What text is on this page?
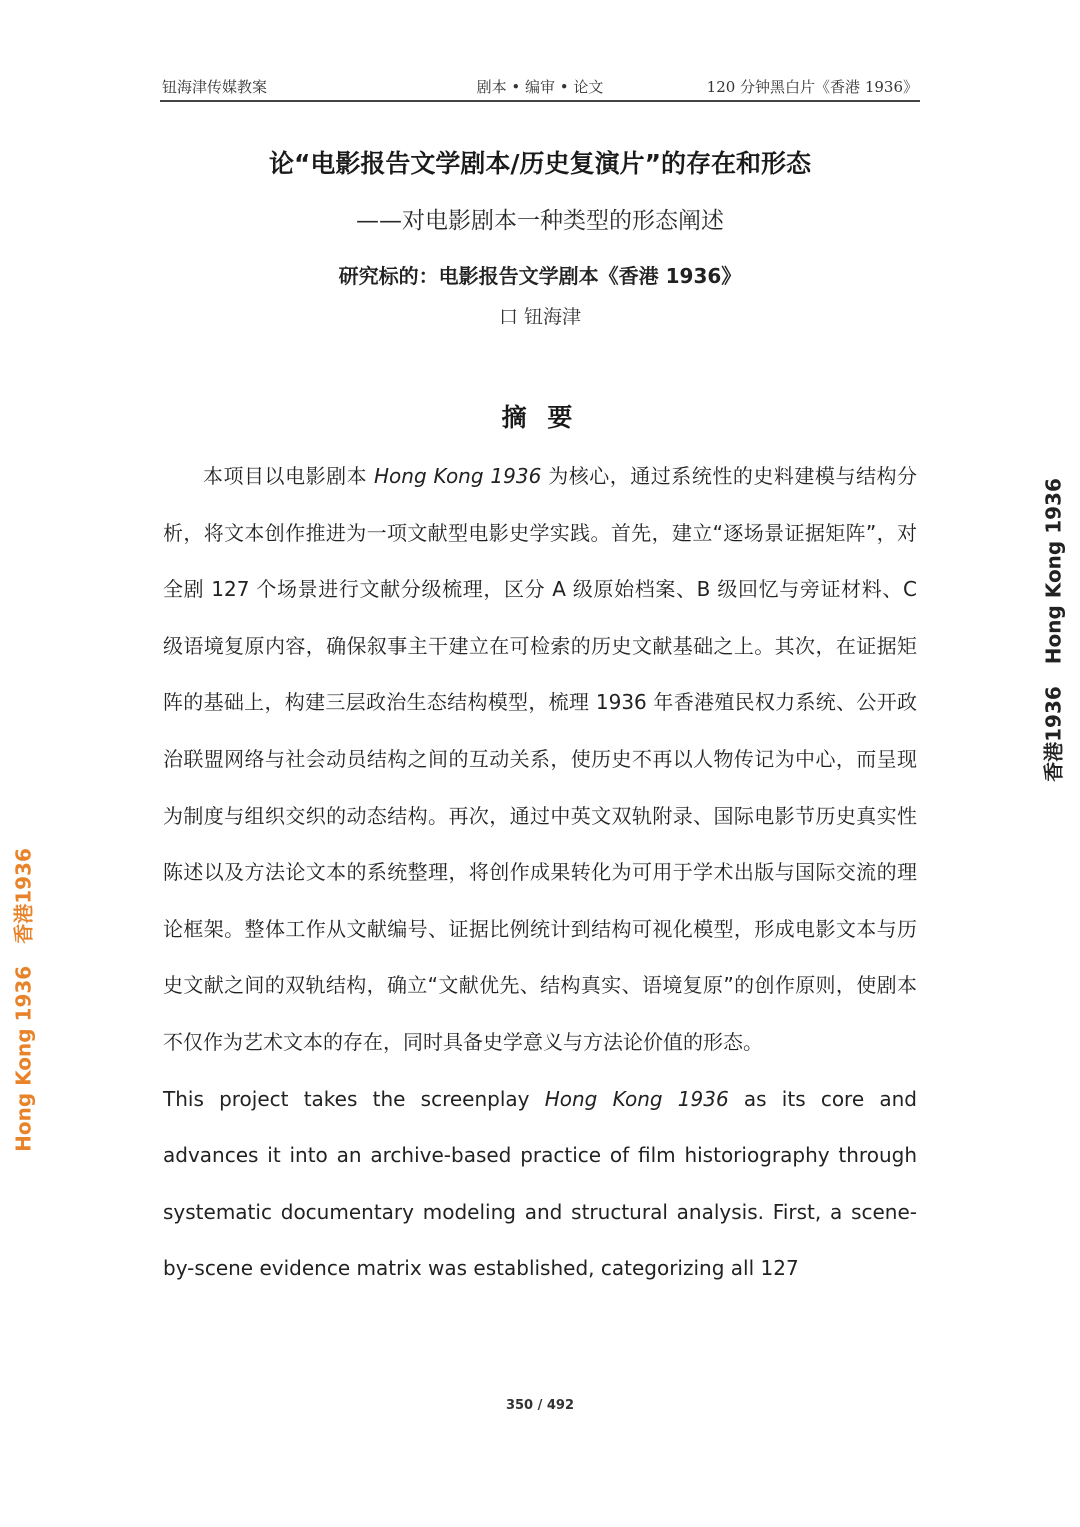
钮海津传媒教案	剧本 • 编审 • 论文	120 分钟黑白片《香港 1936》
论“电影报告文学剧本/历史复演片”的存在和形态
——对电影剧本一种类型的形态阐述
研究标的：电影报告文学剧本《香港 1936》
口 钮海津
摘 要

本项目以电影剧本 Hong Kong 1936 为核心，通过系统性的史料建模与结构分析，将文本创作推进为一项文献型电影史学实践。首先，建立“逐场景证据矩阵”，对全剧 127 个场景进行文献分级梳理，区分 A 级原始档案、B 级回忆与旁证材料、C 级语境复原内容，确保叙事主干建立在可检索的历史文献基础之上。其次，在证据矩阵的基础上，构建三层政治生态结构模型，梳理 1936 年香港殖民权力系统、公开政治联盟网络与社会动员结构之间的互动关系，使历史不再以人物传记为中心，而呈现为制度与组织交织的动态结构。再次，通过中英文双轨附录、国际电影节历史真实性陈述以及方法论文本的系统整理，将创作成果转化为可用于学术出版与国际交流的理论框架。整体工作从文献编号、证据比例统计到结构可视化模型，形成电影文本与历史文献之间的双轨结构，确立“文献优先、结构真实、语境复原”的创作原则，使剧本不仅作为艺术文本的存在，同时具备史学意义与方法论价值的形态。

This project takes the screenplay Hong Kong 1936 as its core and advances it into an archive-based practice of film historiography through systematic documentary modeling and structural analysis. First, a scene-by-scene evidence matrix was established, categorizing all 127

350 / 492
香港1936Hong Kong 1936
Hong Kong 1936香港1936
